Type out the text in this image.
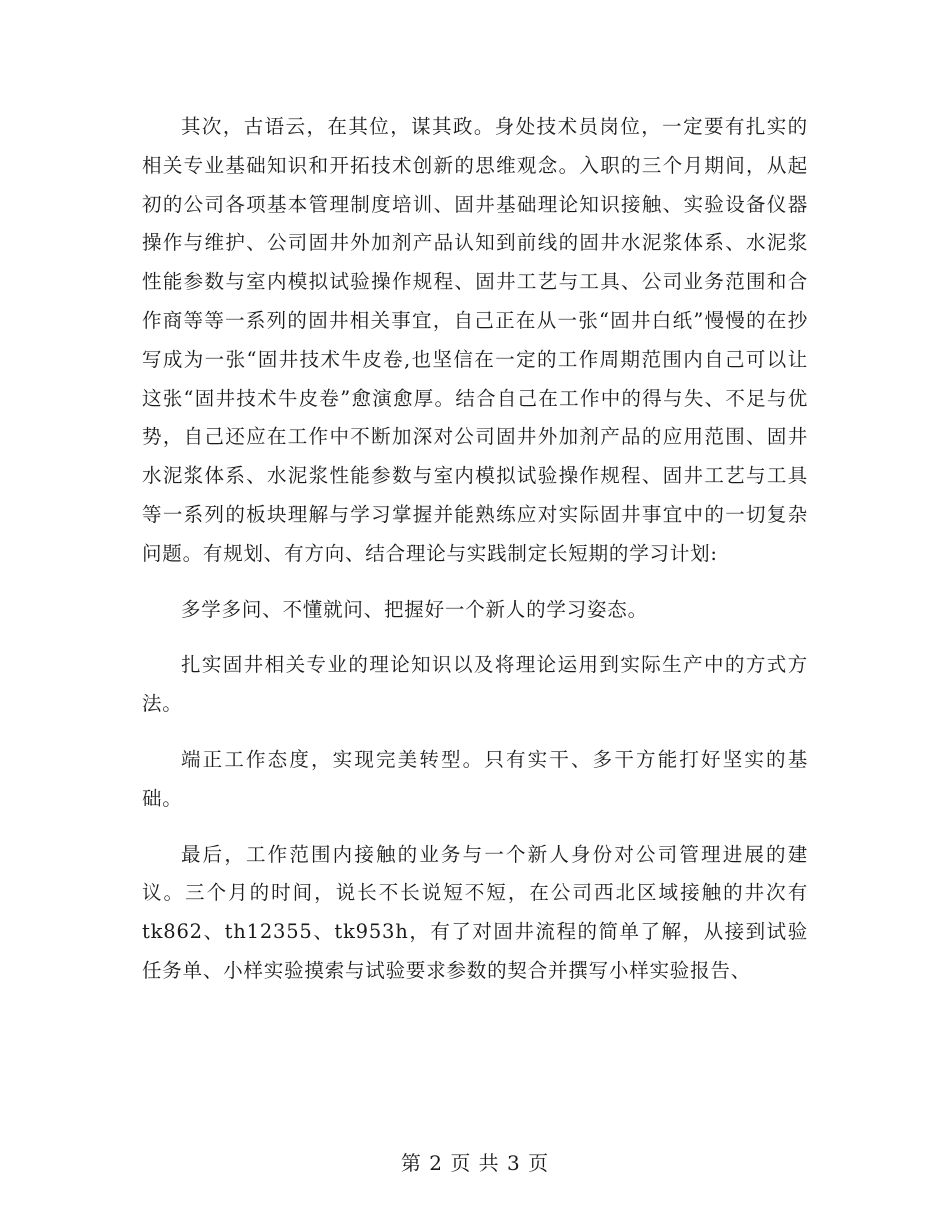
其次，古语云，在其位，谋其政。身处技术员岗位，一定要有扎实的相关专业基础知识和开拓技术创新的思维观念。入职的三个月期间，从起初的公司各项基本管理制度培训、固井基础理论知识接触、实验设备仪器操作与维护、公司固井外加剂产品认知到前线的固井水泥浆体系、水泥浆性能参数与室内模拟试验操作规程、固井工艺与工具、公司业务范围和合作商等等一系列的固井相关事宜，自己正在从一张“固井白纸”慢慢的在抄写成为一张“固井技术牛皮卷,也坚信在一定的工作周期范围内自己可以让这张“固井技术牛皮卷”愈演愈厚。结合自己在工作中的得与失、不足与优势，自己还应在工作中不断加深对公司固井外加剂产品的应用范围、固井水泥浆体系、水泥浆性能参数与室内模拟试验操作规程、固井工艺与工具等一系列的板块理解与学习掌握并能熟练应对实际固井事宜中的一切复杂问题。有规划、有方向、结合理论与实践制定长短期的学习计划:

多学多问、不懂就问、把握好一个新人的学习姿态。

扎实固井相关专业的理论知识以及将理论运用到实际生产中的方式方法。

端正工作态度，实现完美转型。只有实干、多干方能打好坚实的基础。

最后，工作范围内接触的业务与一个新人身份对公司管理进展的建议。三个月的时间，说长不长说短不短，在公司西北区域接触的井次有 tk862、th12355、tk953h，有了对固井流程的简单了解，从接到试验任务单、小样实验摸索与试验要求参数的契合并撰写小样实验报告、

第 2 页 共 3 页
